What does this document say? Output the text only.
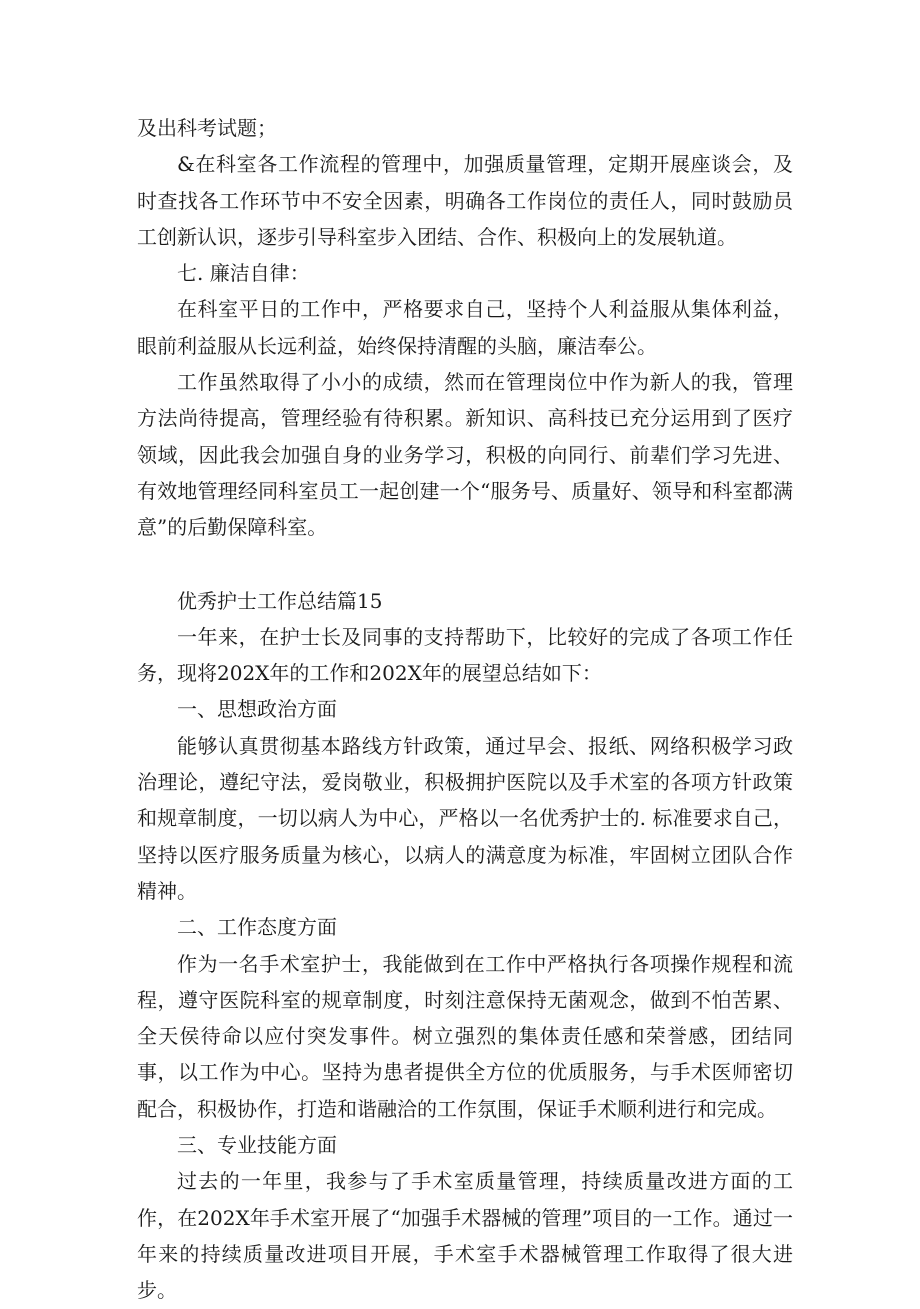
及出科考试题；

&在科室各工作流程的管理中，加强质量管理，定期开展座谈会，及时查找各工作环节中不安全因素，明确各工作岗位的责任人，同时鼓励员工创新认识，逐步引导科室步入团结、合作、积极向上的发展轨道。

七. 廉洁自律：

在科室平日的工作中，严格要求自己，坚持个人利益服从集体利益，眼前利益服从长远利益，始终保持清醒的头脑，廉洁奉公。

工作虽然取得了小小的成绩，然而在管理岗位中作为新人的我，管理方法尚待提高，管理经验有待积累。新知识、高科技已充分运用到了医疗领域，因此我会加强自身的业务学习，积极的向同行、前辈们学习先进、有效地管理经同科室员工一起创建一个“服务号、质量好、领导和科室都满意”的后勤保障科室。

优秀护士工作总结篇15

一年来，在护士长及同事的支持帮助下，比较好的完成了各项工作任务，现将202X年的工作和202X年的展望总结如下：

一、思想政治方面

能够认真贯彻基本路线方针政策，通过早会、报纸、网络积极学习政治理论，遵纪守法，爱岗敬业，积极拥护医院以及手术室的各项方针政策和规章制度，一切以病人为中心，严格以一名优秀护士的. 标准要求自己，坚持以医疗服务质量为核心，以病人的满意度为标准，牢固树立团队合作精神。

二、工作态度方面

作为一名手术室护士，我能做到在工作中严格执行各项操作规程和流程，遵守医院科室的规章制度，时刻注意保持无菌观念，做到不怕苦累、全天侯待命以应付突发事件。树立强烈的集体责任感和荣誉感，团结同事，以工作为中心。坚持为患者提供全方位的优质服务，与手术医师密切配合，积极协作，打造和谐融洽的工作氛围，保证手术顺利进行和完成。

三、专业技能方面

过去的一年里，我参与了手术室质量管理，持续质量改进方面的工作，在202X年手术室开展了“加强手术器械的管理”项目的一工作。通过一年来的持续质量改进项目开展，手术室手术器械管理工作取得了很大进步。
